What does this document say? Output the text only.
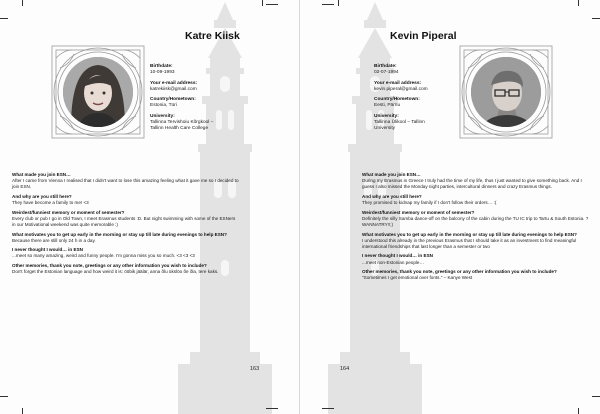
Katre Kiisk
Birthdate:
10-09-1993
Your e-mail address:
katrekiisk@gmail.com
Country/Hometown:
Estonia, Türi
University:
Tallinna Tervishoiu Kõrgkool –
Tallinn Health Care College
What made you join ESN…
After I came from Vienna I realised that I didn't want to lose this amazing feeling what it gave me so I decided to join ESN.
And why are you still here?
They have become a family to me! <3
Weirdest/funniest memory or moment of semester?
Every club or pub I go in Old Town, I meet Erasmus students :D. But night swimming with some of the ESNers in our Motivational weekend was quite memorable :)
What motivates you to get up early in the morning or stay up till late during evenings to help ESN?
Because there are still only 24 h in a day.
I never thought I would… in ESN
...meet so many amazing, weird and funny people. I'm gonna miss you so much. <3 <3 <3
Other memories, thank you note, greetings or any other information you wish to include?
Don't forget the Estonian language and how weird it is: ööbik jäälär, anna õlu ükslöo õe õla, tere kaks.
163
Kevin Piperal
Birthdate:
02-07-1994
Your e-mail address:
kevin.piperal@gmail.com
Country/Hometown:
Eesti, Pärnu
University:
Tallinna Ülikool – Tallinn
University
What made you join ESN…
During my Erasmus in Greece I truly had the time of my life, thus I just wanted to give something back. And I guess I also missed the Monday night parties, intercultural dinners and crazy Erasmus things.
And why are you still here?
They promised to kidnap my family if I don't follow their orders… :(
Weirdest/funniest memory or moment of semester?
Definitely the silly Samba dance-off on the balcony of the cabin during the TU IC trip to Tartu & South Estonia. ?WANNATRY!!;)
What motivates you to get up early in the morning or stay up till late during evenings to help ESN?
I understood this already in the previous Erasmus that I should take it as an investment to find meaningful international friendships that last longer than a semester or two
I never thought I would… in ESN
...meet non-Estonian people…
Other memories, thank you note, greetings or any other information you wish to include?
"Sometimes I get emotional over fonts." – Kanye West
164
